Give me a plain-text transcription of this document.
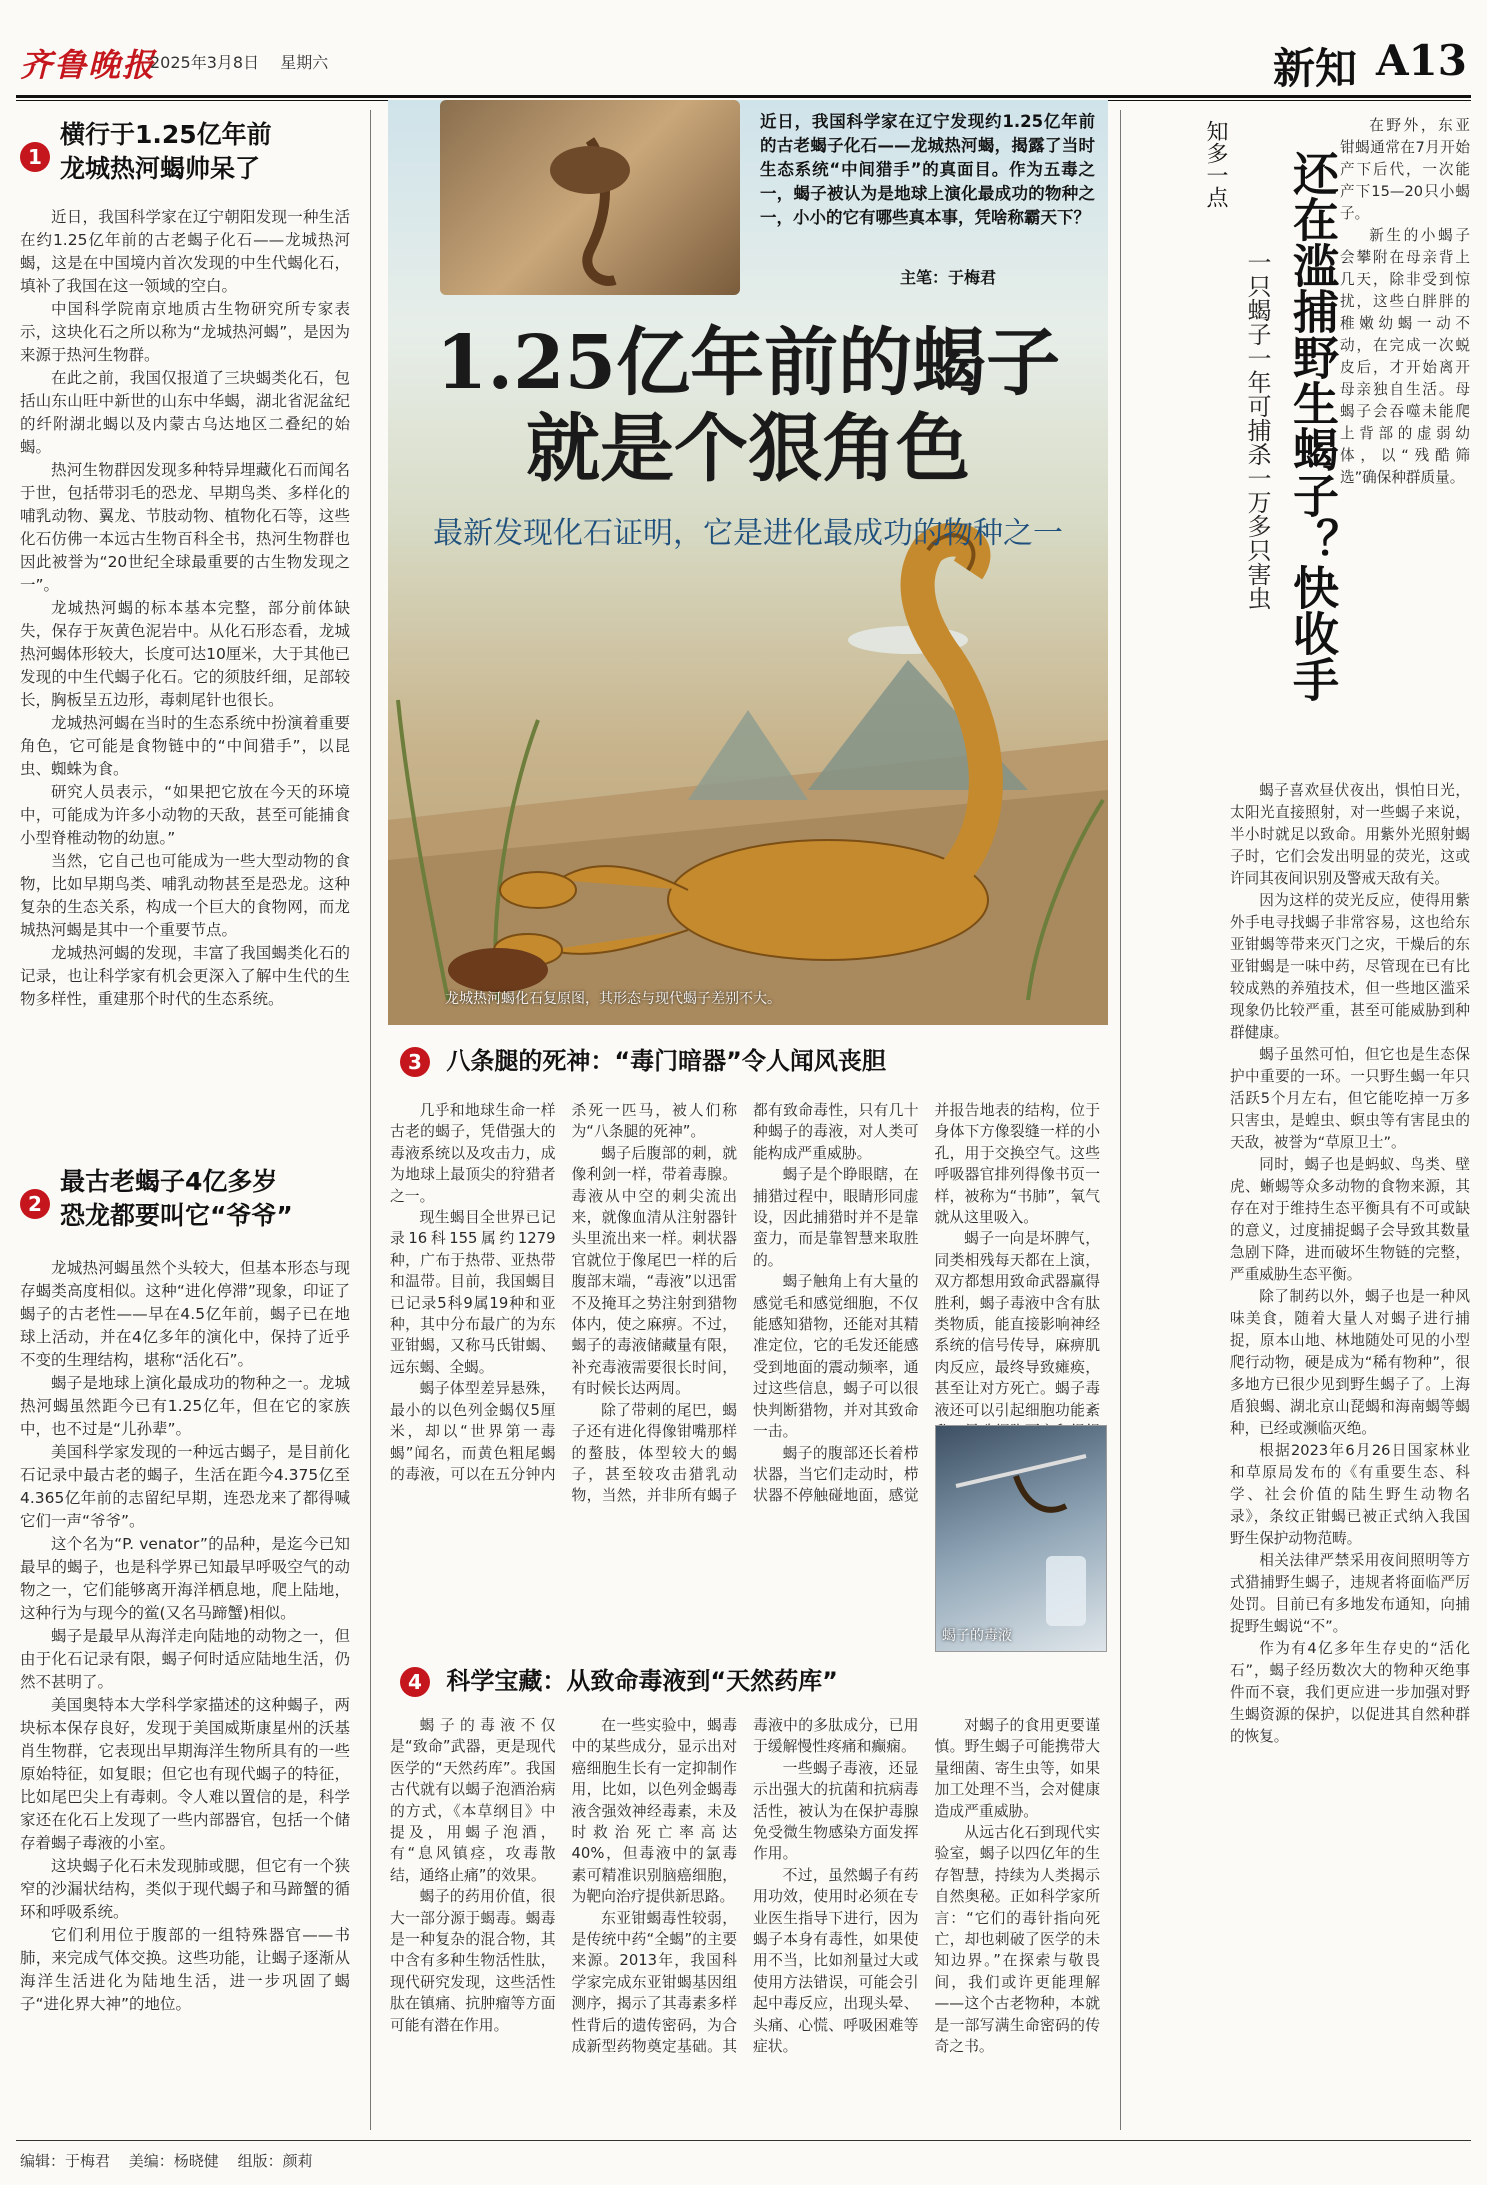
齐鲁晚报
2025年3月8日 星期六	新知 A13
1
横行于1.25亿年前
龙城热河蝎帅呆了

近日，我国科学家在辽宁朝阳发现一种生活在约1.25亿年前的古老蝎子化石——龙城热河蝎，这是在中国境内首次发现的中生代蝎化石，填补了我国在这一领域的空白。

中国科学院南京地质古生物研究所专家表示，这块化石之所以称为“龙城热河蝎”，是因为来源于热河生物群。

在此之前，我国仅报道了三块蝎类化石，包括山东山旺中新世的山东中华蝎，湖北省泥盆纪的纤附湖北蝎以及内蒙古乌达地区二叠纪的始蝎。

热河生物群因发现多种特异埋藏化石而闻名于世，包括带羽毛的恐龙、早期鸟类、多样化的哺乳动物、翼龙、节肢动物、植物化石等，这些化石仿佛一本远古生物百科全书，热河生物群也因此被誉为“20世纪全球最重要的古生物发现之一”。

龙城热河蝎的标本基本完整，部分前体缺失，保存于灰黄色泥岩中。从化石形态看，龙城热河蝎体形较大，长度可达10厘米，大于其他已发现的中生代蝎子化石。它的须肢纤细，足部较长，胸板呈五边形，毒刺尾针也很长。

龙城热河蝎在当时的生态系统中扮演着重要角色，它可能是食物链中的“中间猎手”，以昆虫、蜘蛛为食。

研究人员表示，“如果把它放在今天的环境中，可能成为许多小动物的天敌，甚至可能捕食小型脊椎动物的幼崽。”

当然，它自己也可能成为一些大型动物的食物，比如早期鸟类、哺乳动物甚至是恐龙。这种复杂的生态关系，构成一个巨大的食物网，而龙城热河蝎是其中一个重要节点。

龙城热河蝎的发现，丰富了我国蝎类化石的记录，也让科学家有机会更深入了解中生代的生物多样性，重建那个时代的生态系统。

2
最古老蝎子4亿多岁
恐龙都要叫它“爷爷”

龙城热河蝎虽然个头较大，但基本形态与现存蝎类高度相似。这种“进化停滞”现象，印证了蝎子的古老性——早在4.5亿年前，蝎子已在地球上活动，并在4亿多年的演化中，保持了近乎不变的生理结构，堪称“活化石”。

蝎子是地球上演化最成功的物种之一。龙城热河蝎虽然距今已有1.25亿年，但在它的家族中，也不过是“儿孙辈”。

美国科学家发现的一种远古蝎子，是目前化石记录中最古老的蝎子，生活在距今4.375亿至4.365亿年前的志留纪早期，连恐龙来了都得喊它们一声“爷爷”。

这个名为“P. venator”的品种，是迄今已知最早的蝎子，也是科学界已知最早呼吸空气的动物之一，它们能够离开海洋栖息地，爬上陆地，这种行为与现今的鲎(又名马蹄蟹)相似。

蝎子是最早从海洋走向陆地的动物之一，但由于化石记录有限，蝎子何时适应陆地生活，仍然不甚明了。

美国奥特本大学科学家描述的这种蝎子，两块标本保存良好，发现于美国威斯康星州的沃基肖生物群，它表现出早期海洋生物所具有的一些原始特征，如复眼；但它也有现代蝎子的特征，比如尾巴尖上有毒刺。令人难以置信的是，科学家还在化石上发现了一些内部器官，包括一个储存着蝎子毒液的小室。

这块蝎子化石未发现肺或腮，但它有一个狭窄的沙漏状结构，类似于现代蝎子和马蹄蟹的循环和呼吸系统。

它们利用位于腹部的一组特殊器官——书肺，来完成气体交换。这些功能，让蝎子逐渐从海洋生活进化为陆地生活，进一步巩固了蝎子“进化界大神”的地位。

近日，我国科学家在辽宁发现约1.25亿年前的古老蝎子化石——龙城热河蝎，揭露了当时生态系统“中间猎手”的真面目。作为五毒之一，蝎子被认为是地球上演化最成功的物种之一，小小的它有哪些真本事，凭啥称霸天下？
主笔：于梅君
1.25亿年前的蝎子
就是个狠角色
最新发现化石证明，它是进化最成功的物种之一
龙城热河蝎化石复原图，其形态与现代蝎子差别不大。
3 八条腿的死神：“毒门暗器”令人闻风丧胆

几乎和地球生命一样古老的蝎子，凭借强大的毒液系统以及攻击力，成为地球上最顶尖的狩猎者之一。

现生蝎目全世界已记录16科155属约1279种，广布于热带、亚热带和温带。目前，我国蝎目已记录5科9属19种和亚种，其中分布最广的为东亚钳蝎，又称马氏钳蝎、远东蝎、全蝎。

蝎子体型差异悬殊，最小的以色列金蝎仅5厘米，却以“世界第一毒蝎”闻名，而黄色粗尾蝎的毒液，可以在五分钟内杀死一匹马，被人们称为“八条腿的死神”。

蝎子后腹部的刺，就像利剑一样，带着毒腺。毒液从中空的刺尖流出来，就像血清从注射器针头里流出来一样。刺状器官就位于像尾巴一样的后腹部末端，“毒液”以迅雷不及掩耳之势注射到猎物体内，使之麻痹。不过，蝎子的毒液储藏量有限，补充毒液需要很长时间，有时候长达两周。

除了带刺的尾巴，蝎子还有进化得像钳嘴那样的螯肢，体型较大的蝎子，甚至较攻击猎乳动物，当然，并非所有蝎子都有致命毒性，只有几十种蝎子的毒液，对人类可能构成严重威胁。

蝎子是个睁眼瞎，在捕猎过程中，眼睛形同虚设，因此捕猎时并不是靠蛮力，而是靠智慧来取胜的。

蝎子触角上有大量的感觉毛和感觉细胞，不仅能感知猎物，还能对其精准定位，它的毛发还能感受到地面的震动频率，通过这些信息，蝎子可以很快判断猎物，并对其致命一击。

蝎子的腹部还长着栉状器，当它们走动时，栉状器不停触碰地面，感觉并报告地表的结构，位于身体下方像裂缝一样的小孔，用于交换空气。这些呼吸器官排列得像书页一样，被称为“书肺”，氧气就从这里吸入。

蝎子一向是坏脾气，同类相残每天都在上演，双方都想用致命武器赢得胜利，蝎子毒液中含有肽类物质，能直接影响神经系统的信号传导，麻痹肌肉反应，最终导致瘫痪，甚至让对方死亡。蝎子毒液还可以引起细胞功能紊

蝎子的毒液
4 科学宝藏：从致命毒液到“天然药库”

蝎子的毒液不仅是“致命”武器，更是现代医学的“天然药库”。我国古代就有以蝎子泡酒治病的方式，《本草纲目》中提及，用蝎子泡酒，有“息风镇痉，攻毒散结，通络止痛”的效果。

蝎子的药用价值，很大一部分源于蝎毒。蝎毒是一种复杂的混合物，其中含有多种生物活性肽，现代研究发现，这些活性肽在镇痛、抗肿瘤等方面可能有潜在作用。

在一些实验中，蝎毒中的某些成分，显示出对癌细胞生长有一定抑制作用，比如，以色列金蝎毒液含强效神经毒素，未及时救治死亡率高达40%，但毒液中的氯毒素可精准识别脑癌细胞，为靶向治疗提供新思路。

东亚钳蝎毒性较弱，是传统中药“全蝎”的主要来源。2013年，我国科学家完成东亚钳蝎基因组测序，揭示了其毒素多样性背后的遗传密码，为合成新型药物奠定基础。其毒液中的多肽成分，已用于缓解慢性疼痛和癫痫。

一些蝎子毒液，还显示出强大的抗菌和抗病毒活性，被认为在保护毒腺免受微生物感染方面发挥作用。

不过，虽然蝎子有药用功效，使用时必须在专业医生指导下进行，因为蝎子本身有毒性，如果使用不当，比如剂量过大或使用方法错误，可能会引起中毒反应，出现头晕、头痛、心慌、呼吸困难等症状。

对蝎子的食用更要谨慎。野生蝎子可能携带大量细菌、寄生虫等，如果加工处理不当，会对健康造成严重威胁。

从远古化石到现代实验室，蝎子以四亿年的生存智慧，持续为人类揭示自然奥秘。正如科学家所言：“它们的毒针指向死亡，却也刺破了医学的未知边界。”在探索与敬畏间，我们或许更能理解——这个古老物种，本就是一部写满生命密码的传奇之书。

知多一点 还在滥捕野生蝎子？快收手
一只蝎子一年可捕杀一万多只害虫

在野外，东亚钳蝎通常在7月开始产下后代，一次能产下15—20只小蝎子。

新生的小蝎子会攀附在母亲背上几天，除非受到惊扰，这些白胖胖的稚嫩幼蝎一动不动，在完成一次蜕皮后，才开始离开母亲独自生活。母蝎子会吞噬未能爬上背部的虚弱幼体，以“残酷筛选”确保种群质量。

蝎子喜欢昼伏夜出，惧怕日光，太阳光直接照射，对一些蝎子来说，半小时就足以致命。用紫外光照射蝎子时，它们会发出明显的荧光，这或许同其夜间识别及警戒天敌有关。

因为这样的荧光反应，使得用紫外手电寻找蝎子非常容易，这也给东亚钳蝎等带来灭门之灾，干燥后的东亚钳蝎是一味中药，尽管现在已有比较成熟的养殖技术，但一些地区滥采现象仍比较严重，甚至可能威胁到种群健康。

蝎子虽然可怕，但它也是生态保护中重要的一环。一只野生蝎一年只活跃5个月左右，但它能吃掉一万多只害虫，是蝗虫、螟虫等有害昆虫的天敌，被誉为“草原卫士”。

同时，蝎子也是蚂蚁、鸟类、壁虎、蜥蜴等众多动物的食物来源，其存在对于维持生态平衡具有不可或缺的意义，过度捕捉蝎子会导致其数量急剧下降，进而破坏生物链的完整，严重威胁生态平衡。

除了制药以外，蝎子也是一种风味美食，随着大量人对蝎子进行捕捉，原本山地、林地随处可见的小型爬行动物，硬是成为“稀有物种”，很多地方已很少见到野生蝎子了。上海盾狼蝎、湖北京山琵蝎和海南蝎等蝎种，已经或濒临灭绝。

根据2023年6月26日国家林业和草原局发布的《有重要生态、科学、社会价值的陆生野生动物名录》，条纹正钳蝎已被正式纳入我国野生保护动物范畴。

相关法律严禁采用夜间照明等方式猎捕野生蝎子，违规者将面临严厉处罚。目前已有多地发布通知，向捕捉野生蝎说“不”。

作为有4亿多年生存史的“活化石”，蝎子经历数次大的物种灭绝事件而不衰，我们更应进一步加强对野生蝎资源的保护，以促进其自然种群的恢复。

编辑：于梅君 美编：杨晓健 组版：颜莉
